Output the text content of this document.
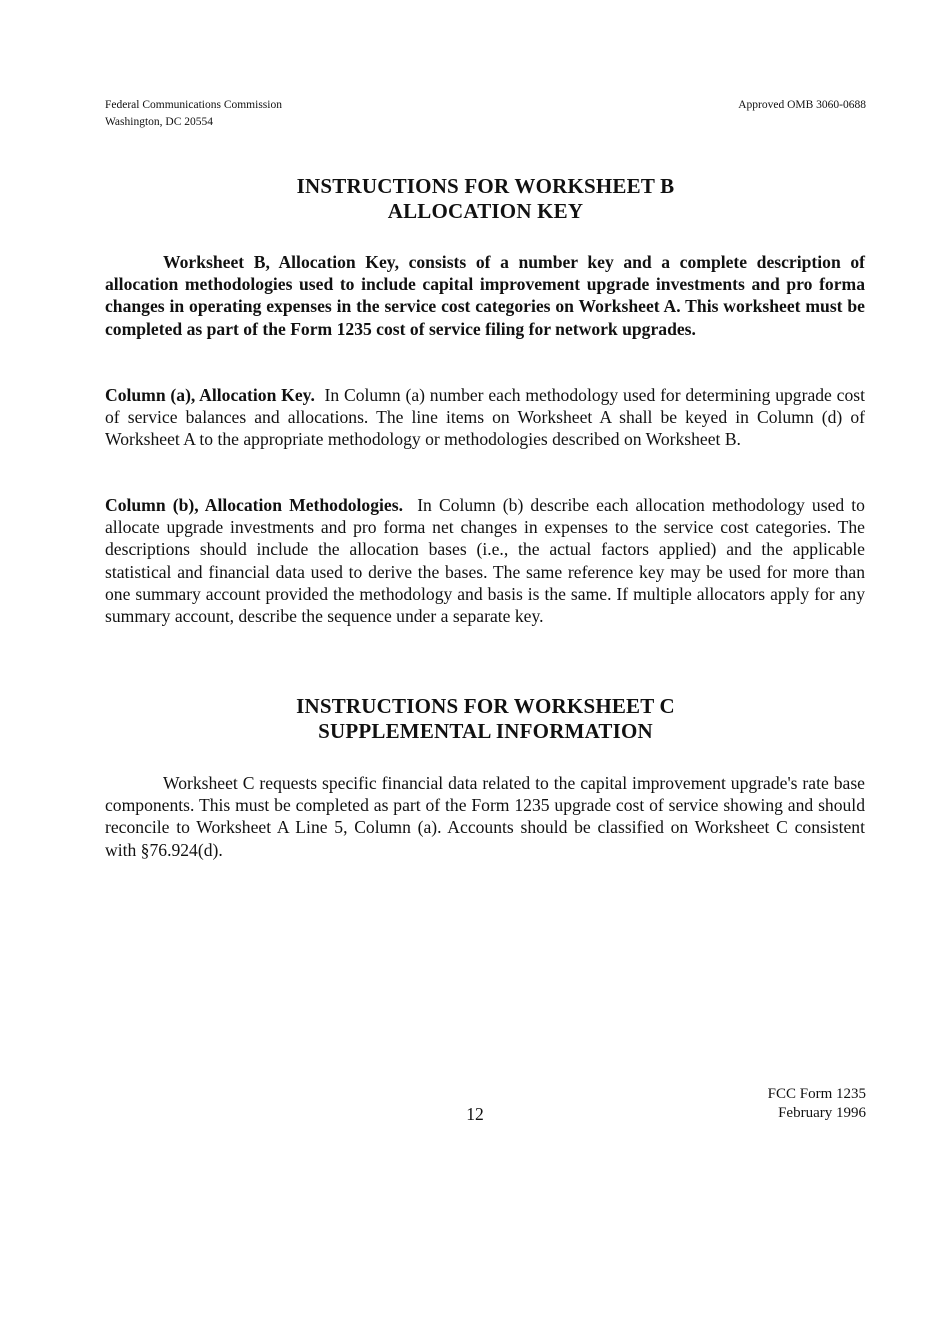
Federal Communications Commission
Washington, DC 20554
Approved OMB 3060-0688
INSTRUCTIONS FOR WORKSHEET B
ALLOCATION KEY
Worksheet B, Allocation Key, consists of a number key and a complete description of allocation methodologies used to include capital improvement upgrade investments and pro forma changes in operating expenses in the service cost categories on Worksheet A. This worksheet must be completed as part of the Form 1235 cost of service filing for network upgrades.
Column (a), Allocation Key. In Column (a) number each methodology used for determining upgrade cost of service balances and allocations. The line items on Worksheet A shall be keyed in Column (d) of Worksheet A to the appropriate methodology or methodologies described on Worksheet B.
Column (b), Allocation Methodologies. In Column (b) describe each allocation methodology used to allocate upgrade investments and pro forma net changes in expenses to the service cost categories. The descriptions should include the allocation bases (i.e., the actual factors applied) and the applicable statistical and financial data used to derive the bases. The same reference key may be used for more than one summary account provided the methodology and basis is the same. If multiple allocators apply for any summary account, describe the sequence under a separate key.
INSTRUCTIONS FOR WORKSHEET C
SUPPLEMENTAL INFORMATION
Worksheet C requests specific financial data related to the capital improvement upgrade's rate base components. This must be completed as part of the Form 1235 upgrade cost of service showing and should reconcile to Worksheet A Line 5, Column (a). Accounts should be classified on Worksheet C consistent with §76.924(d).
12
FCC Form 1235
February 1996
